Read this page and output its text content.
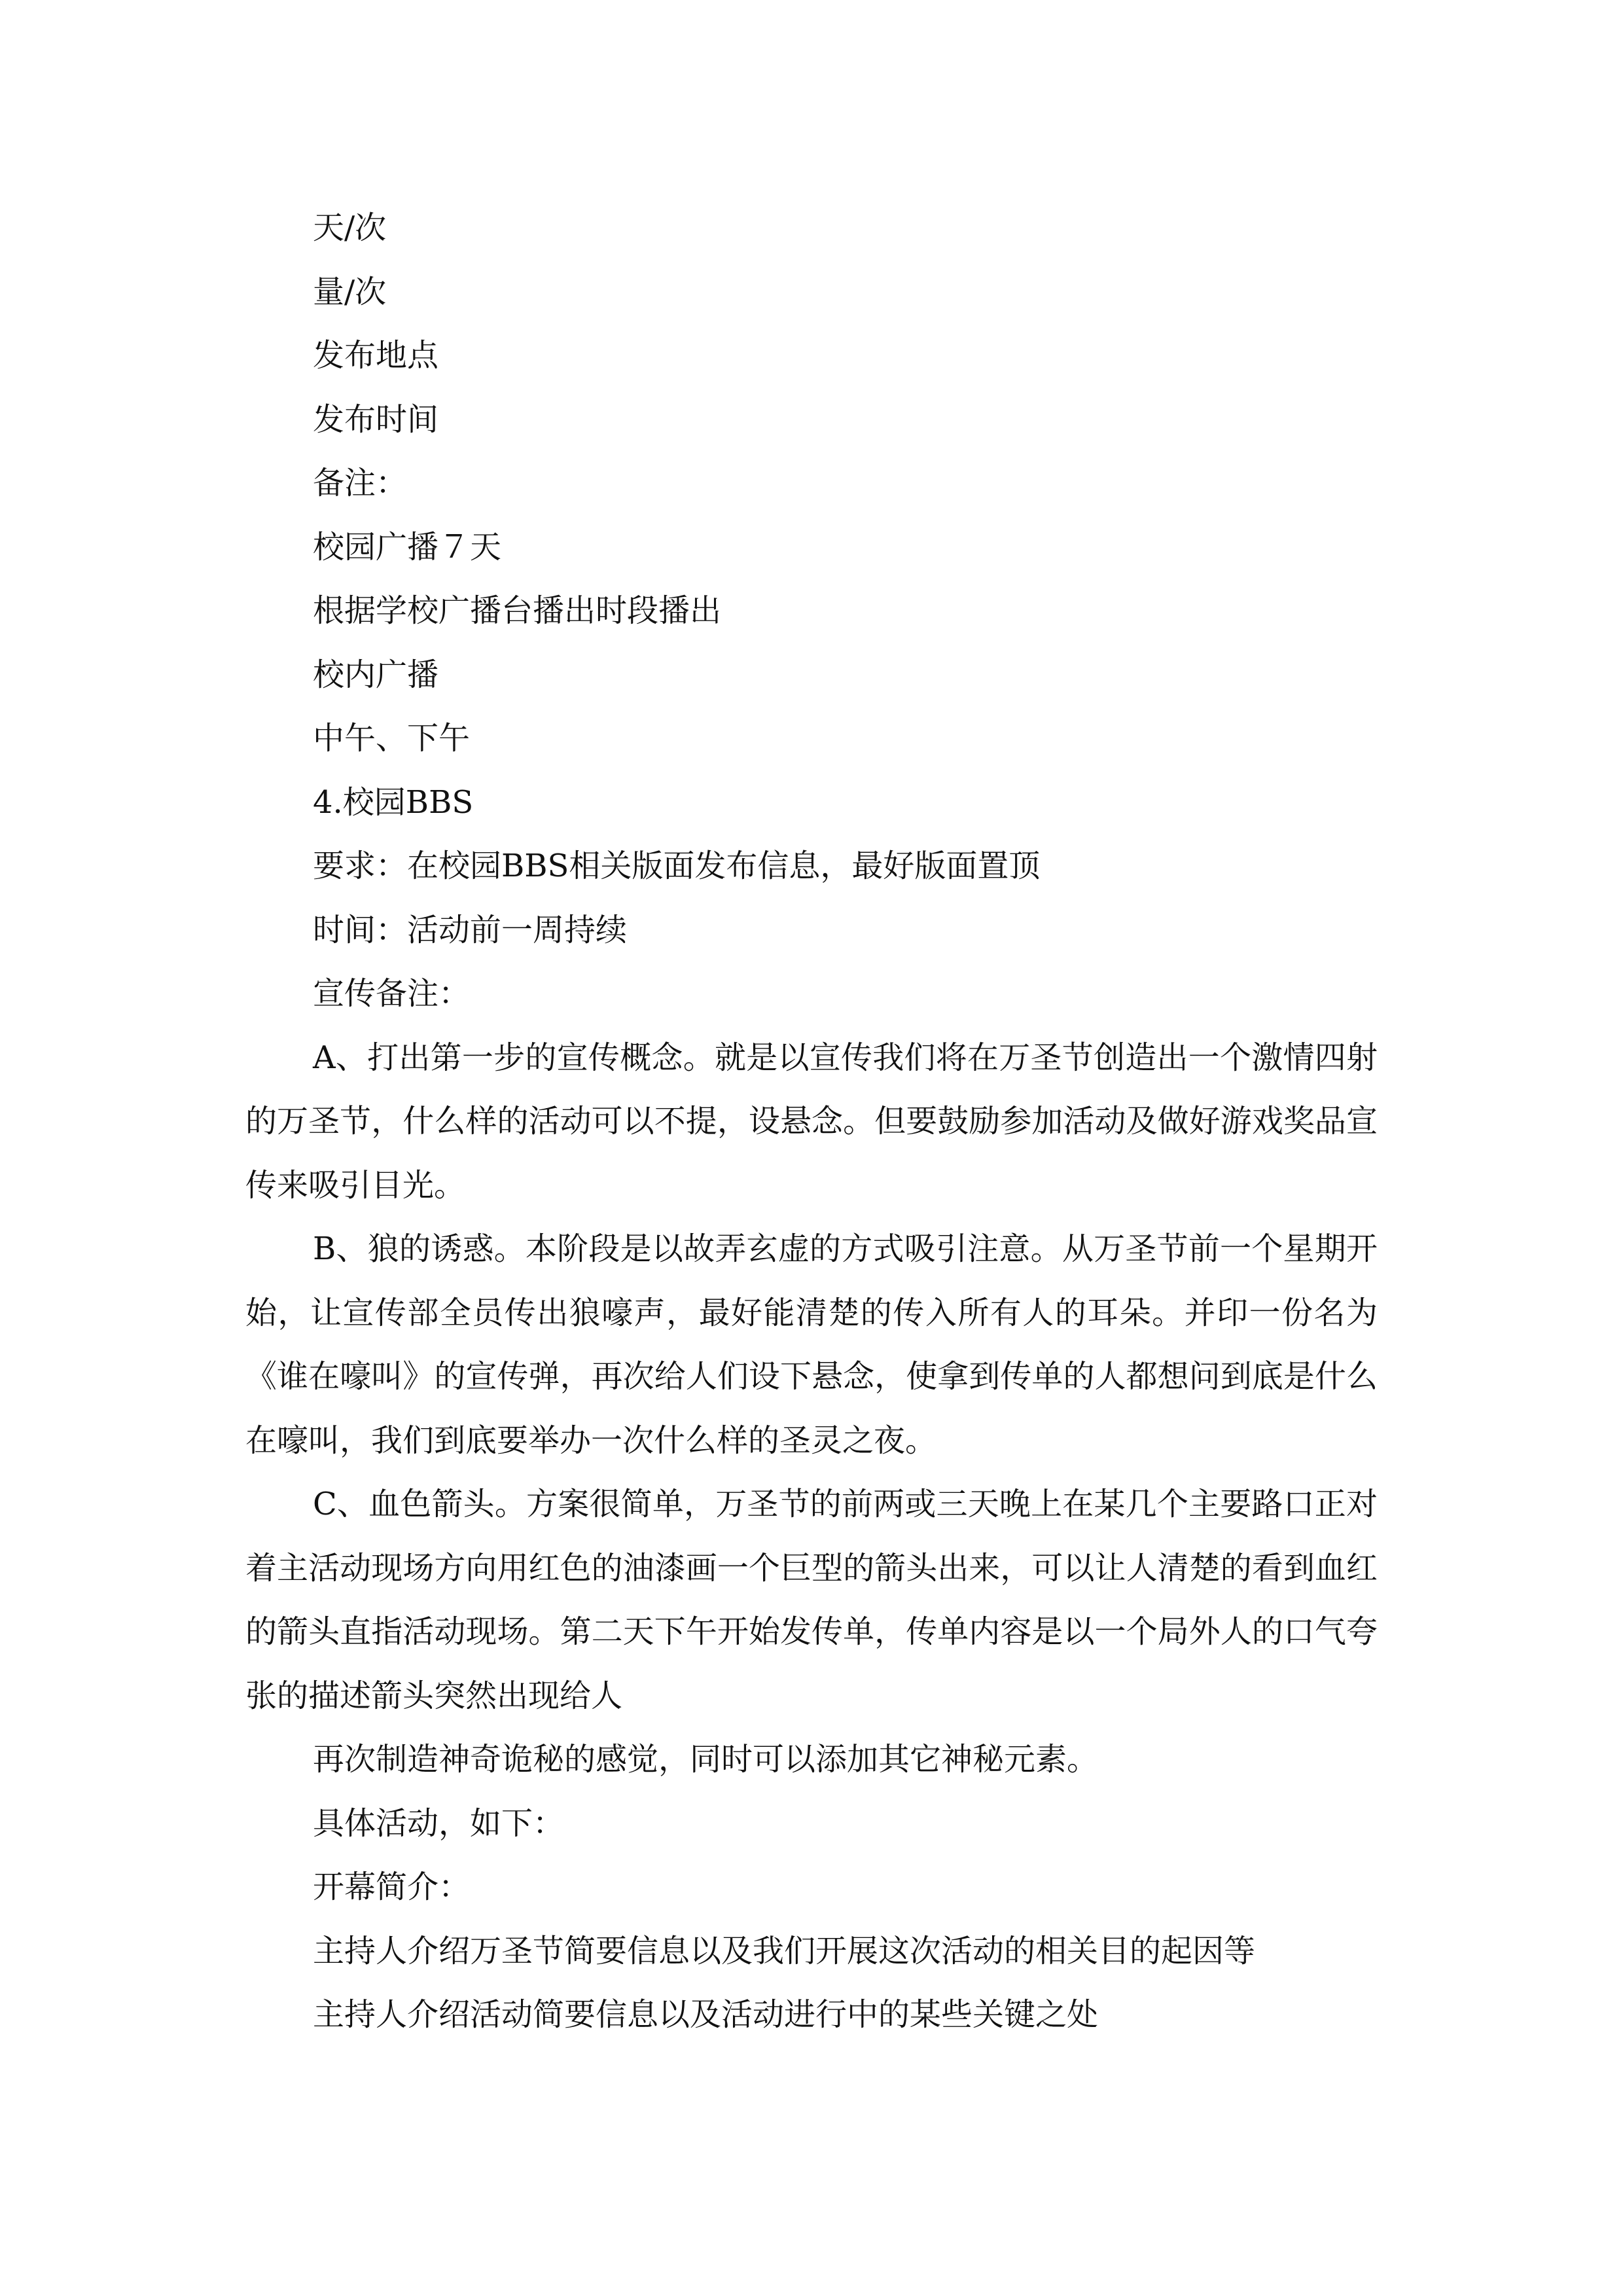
天/次

量/次

发布地点

发布时间

备注：

校园广播７天

根据学校广播台播出时段播出

校内广播

中午、下午

4.校园BBS

要求：在校园BBS相关版面发布信息，最好版面置顶

时间：活动前一周持续

宣传备注：

A、打出第一步的宣传概念。就是以宣传我们将在万圣节创造出一个激情四射的万圣节，什么样的活动可以不提，设悬念。但要鼓励参加活动及做好游戏奖品宣传来吸引目光。

B、狼的诱惑。本阶段是以故弄玄虚的方式吸引注意。从万圣节前一个星期开始，让宣传部全员传出狼嚎声，最好能清楚的传入所有人的耳朵。并印一份名为《谁在嚎叫》的宣传弹，再次给人们设下悬念，使拿到传单的人都想问到底是什么在嚎叫，我们到底要举办一次什么样的圣灵之夜。

C、血色箭头。方案很简单，万圣节的前两或三天晚上在某几个主要路口正对着主活动现场方向用红色的油漆画一个巨型的箭头出来，可以让人清楚的看到血红的箭头直指活动现场。第二天下午开始发传单，传单内容是以一个局外人的口气夸张的描述箭头突然出现给人

再次制造神奇诡秘的感觉，同时可以添加其它神秘元素。

具体活动，如下：

开幕简介：

主持人介绍万圣节简要信息以及我们开展这次活动的相关目的起因等

主持人介绍活动简要信息以及活动进行中的某些关键之处
